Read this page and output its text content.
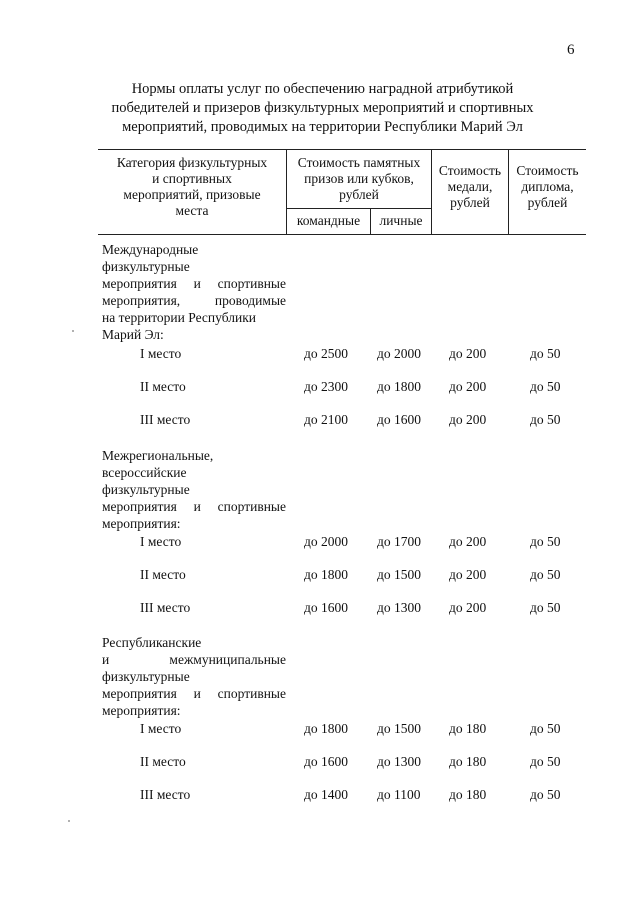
6
Нормы оплаты услуг по обеспечению наградной атрибутикой
победителей и призеров физкультурных мероприятий и спортивных
мероприятий, проводимых на территории Республики Марий Эл
Категория физкультурных
и спортивных
мероприятий, призовые
места
Стоимость памятных
призов или кубков,
рублей
командные	личные
Стоимость
медали,
рублей
Стоимость
диплома,
рублей
Международные
физкультурные
мероприятия и спортивные
мероприятия, проводимые
на территории Республики
Марий Эл:
I место	до 2500 до 2000 до 200	до 50
II место	до 2300 до 1800 до 200	до 50
III место	до 2100 до 1600 до 200	до 50
Межрегиональные,
всероссийские
физкультурные
мероприятия и спортивные
мероприятия:
I место	до 2000 до 1700 до 200	до 50
II место	до 1800 до 1500 до 200	до 50
III место	до 1600 до 1300 до 200	до 50
Республиканские
и межмуниципальные
физкультурные
мероприятия и спортивные
мероприятия:
I место	до 1800 до 1500 до 180	до 50
II место	до 1600 до 1300 до 180	до 50
III место	до 1400 до 1100 до 180	до 50
